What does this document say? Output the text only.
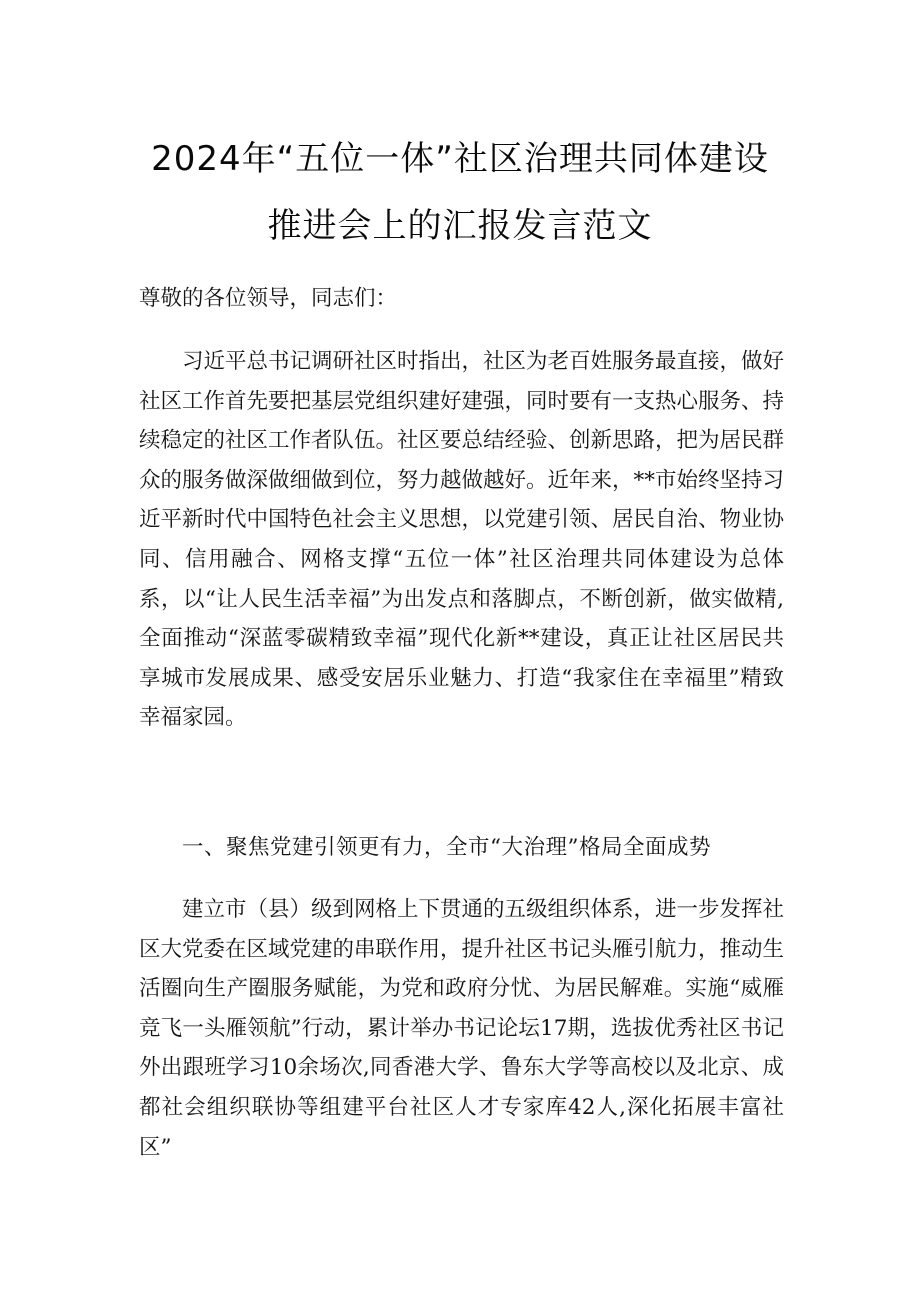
2024年“五位一体”社区治理共同体建设
推进会上的汇报发言范文

尊敬的各位领导，同志们：

习近平总书记调研社区时指出，社区为老百姓服务最直接，做好社区工作首先要把基层党组织建好建强，同时要有一支热心服务、持续稳定的社区工作者队伍。社区要总结经验、创新思路，把为居民群众的服务做深做细做到位，努力越做越好。近年来，**市始终坚持习近平新时代中国特色社会主义思想，以党建引领、居民自治、物业协同、信用融合、网格支撑“五位一体”社区治理共同体建设为总体系，以“让人民生活幸福”为出发点和落脚点，不断创新，做实做精,全面推动“深蓝零碳精致幸福”现代化新**建设，真正让社区居民共享城市发展成果、感受安居乐业魅力、打造“我家住在幸福里”精致幸福家园。

一、聚焦党建引领更有力，全市“大治理”格局全面成势

建立市（县）级到网格上下贯通的五级组织体系，进一步发挥社区大党委在区域党建的串联作用，提升社区书记头雁引航力，推动生活圈向生产圈服务赋能，为党和政府分忧、为居民解难。实施“威雁竞飞一头雁领航”行动，累计举办书记论坛17期，选拔优秀社区书记外出跟班学习10余场次,同香港大学、鲁东大学等高校以及北京、成都社会组织联协等组建平台社区人才专家库42人,深化拓展丰富社区”
